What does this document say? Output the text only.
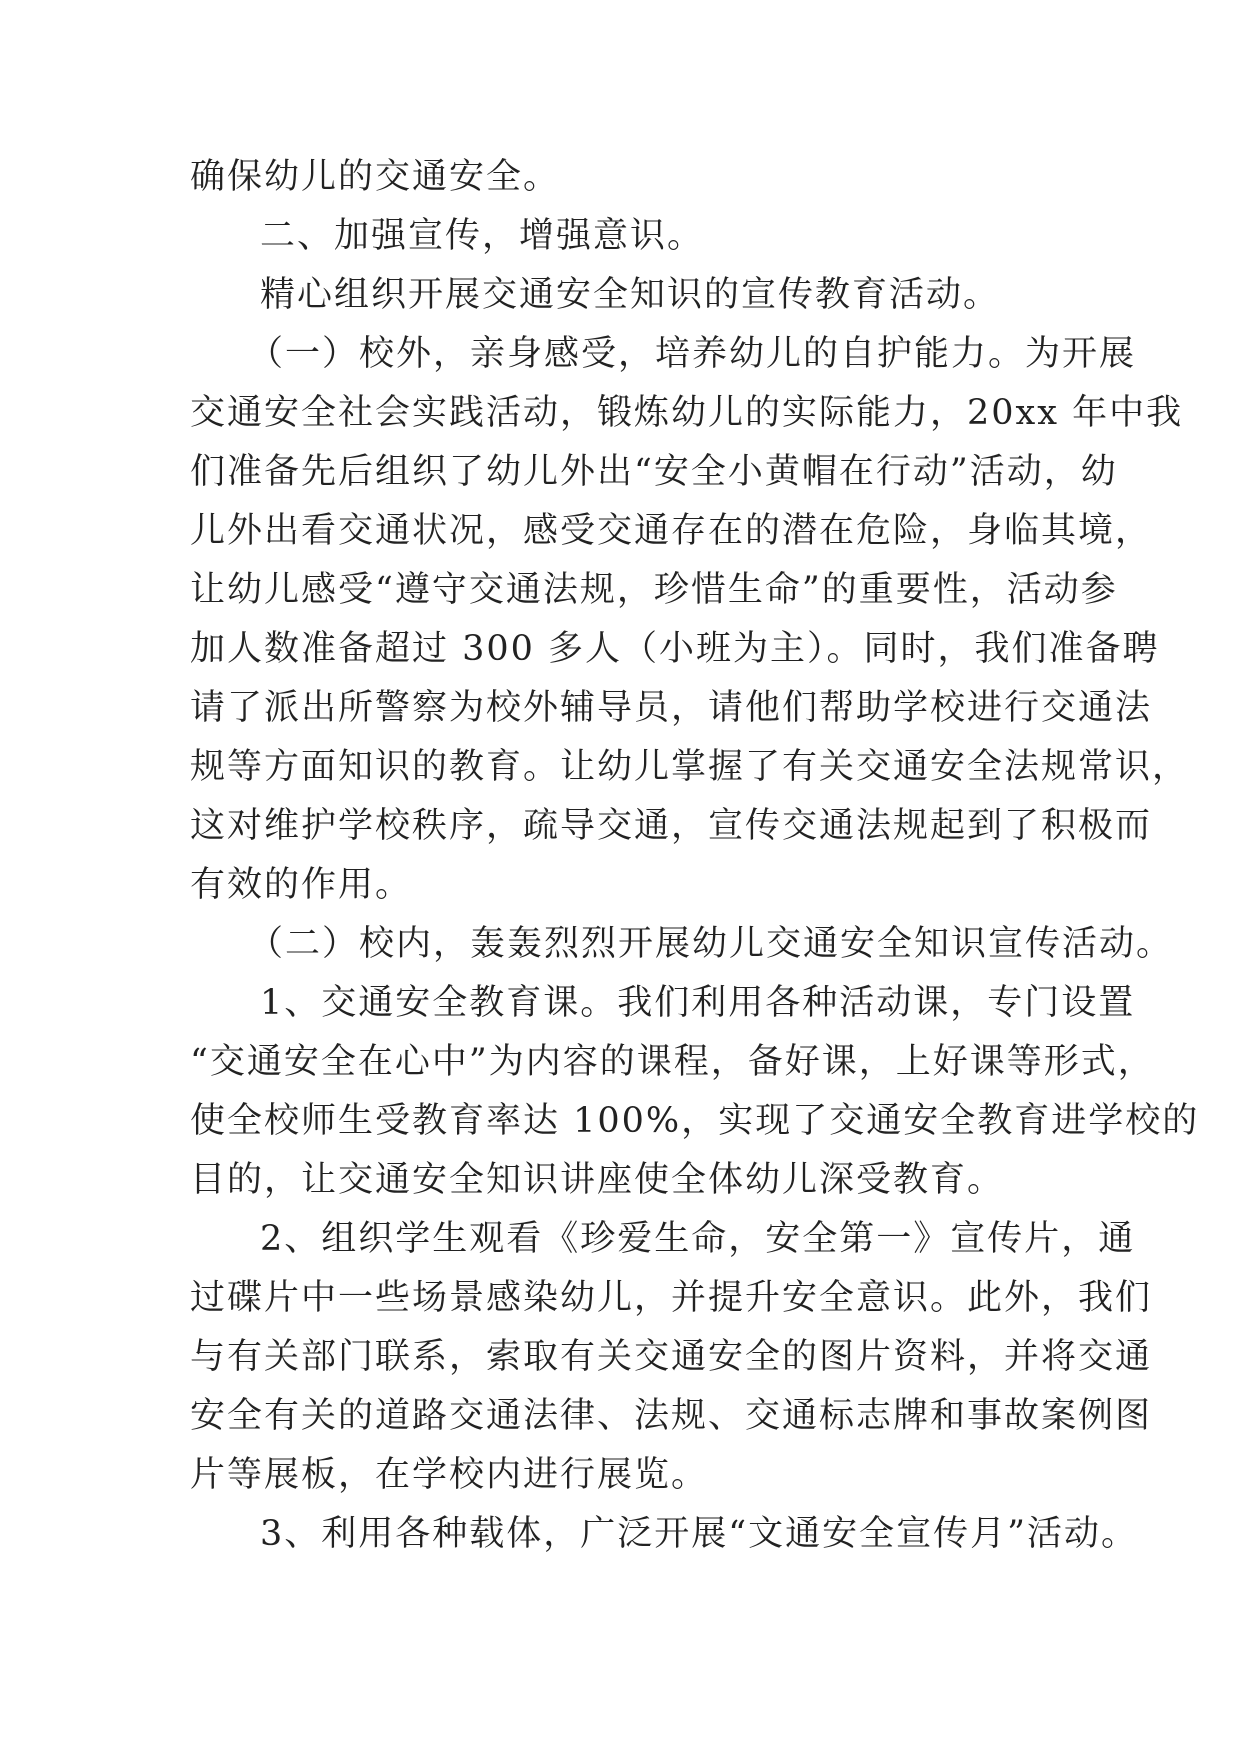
确保幼儿的交通安全。
二、加强宣传，增强意识。
精心组织开展交通安全知识的宣传教育活动。
（一）校外，亲身感受，培养幼儿的自护能力。为开展
交通安全社会实践活动，锻炼幼儿的实际能力，20xx 年中我
们准备先后组织了幼儿外出“安全小黄帽在行动”活动，幼
儿外出看交通状况，感受交通存在的潜在危险，身临其境，
让幼儿感受“遵守交通法规，珍惜生命”的重要性，活动参
加人数准备超过 300 多人（小班为主）。同时，我们准备聘
请了派出所警察为校外辅导员，请他们帮助学校进行交通法
规等方面知识的教育。让幼儿掌握了有关交通安全法规常识，
这对维护学校秩序，疏导交通，宣传交通法规起到了积极而
有效的作用。
（二）校内，轰轰烈烈开展幼儿交通安全知识宣传活动。
1、交通安全教育课。我们利用各种活动课，专门设置
“交通安全在心中”为内容的课程，备好课，上好课等形式，
使全校师生受教育率达 100%，实现了交通安全教育进学校的
目的，让交通安全知识讲座使全体幼儿深受教育。
2、组织学生观看《珍爱生命，安全第一》宣传片，通
过碟片中一些场景感染幼儿，并提升安全意识。此外，我们
与有关部门联系，索取有关交通安全的图片资料，并将交通
安全有关的道路交通法律、法规、交通标志牌和事故案例图
片等展板，在学校内进行展览。
3、利用各种载体，广泛开展“文通安全宣传月”活动。
